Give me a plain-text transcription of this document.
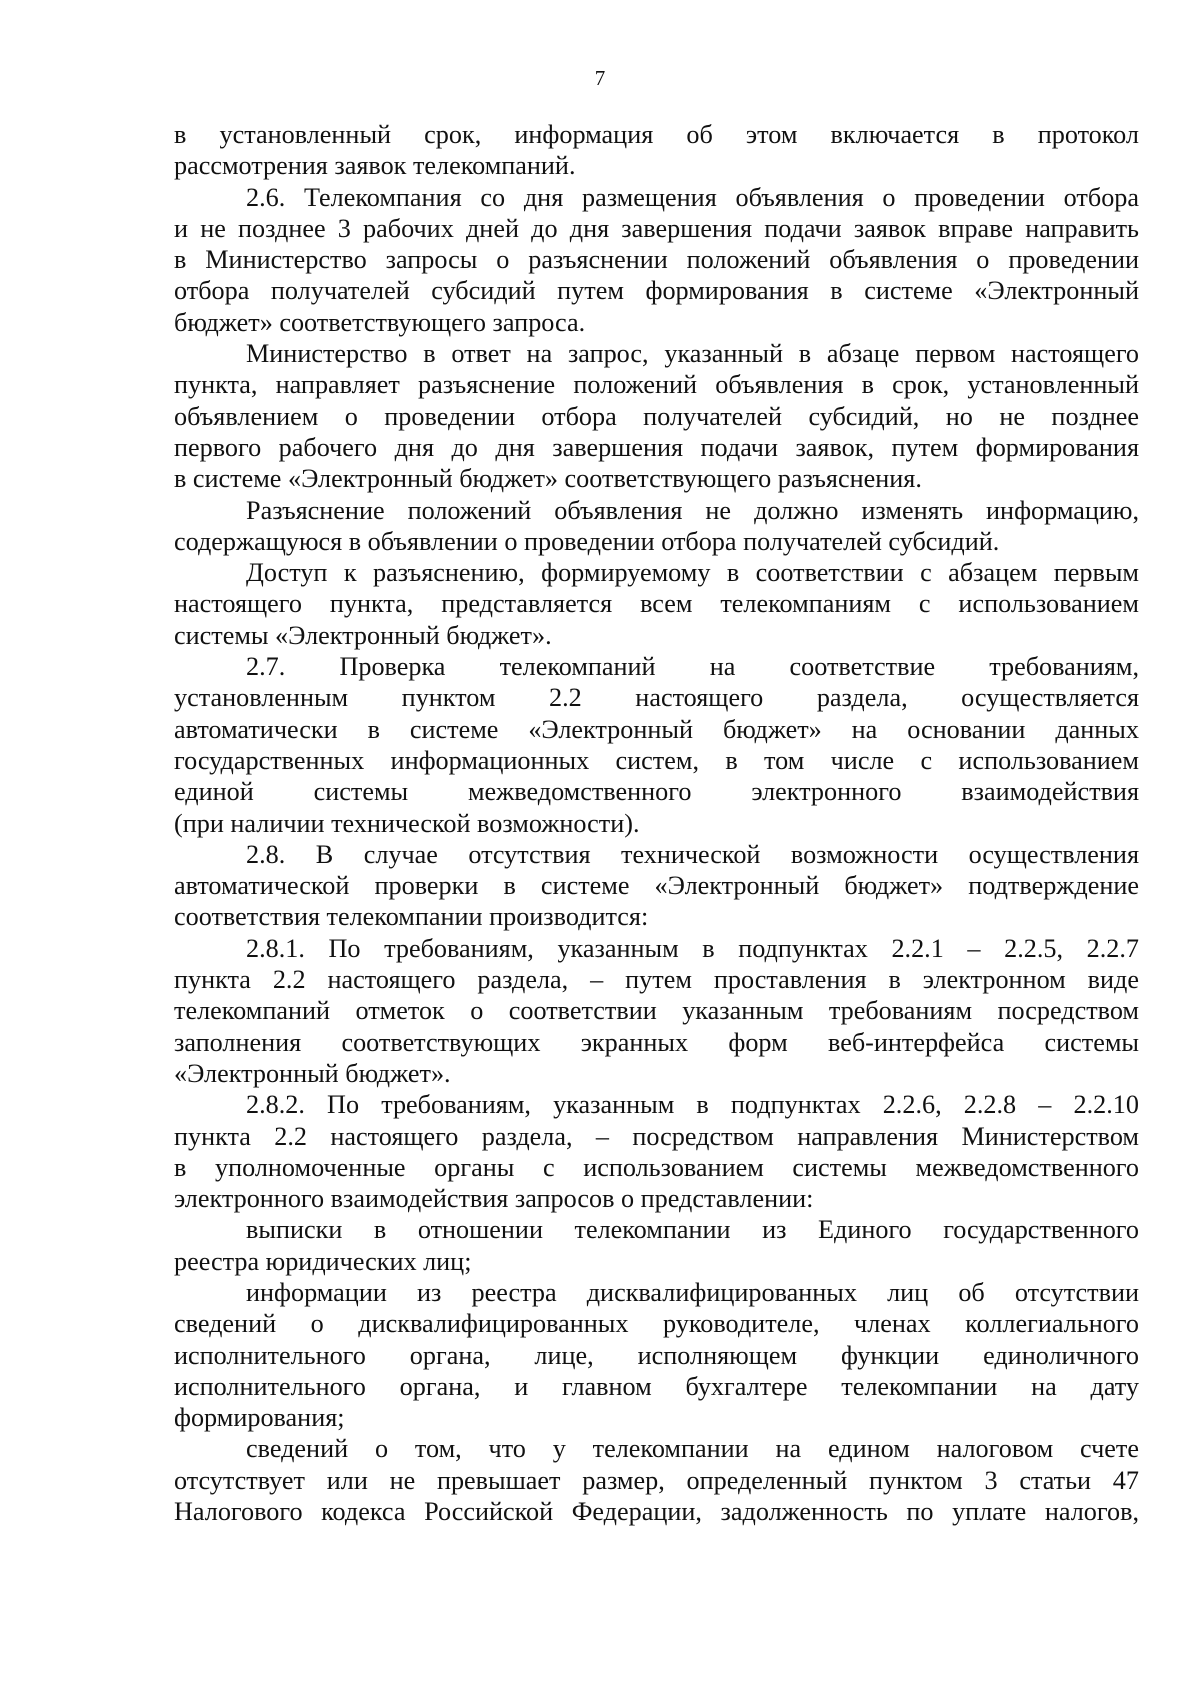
7

в установленный срок, информация об этом включается в протокол

рассмотрения заявок телекомпаний.

2.6. Телекомпания со дня размещения объявления о проведении отбора

и не позднее 3 рабочих дней до дня завершения подачи заявок вправе направить

в Министерство запросы о разъяснении положений объявления о проведении

отбора получателей субсидий путем формирования в системе «Электронный

бюджет» соответствующего запроса.

Министерство в ответ на запрос, указанный в абзаце первом настоящего

пункта, направляет разъяснение положений объявления в срок, установленный

объявлением о проведении отбора получателей субсидий, но не позднее

первого рабочего дня до дня завершения подачи заявок, путем формирования

в системе «Электронный бюджет» соответствующего разъяснения.

Разъяснение положений объявления не должно изменять информацию,

содержащуюся в объявлении о проведении отбора получателей субсидий.

Доступ к разъяснению, формируемому в соответствии с абзацем первым

настоящего пункта, представляется всем телекомпаниям с использованием

системы «Электронный бюджет».

2.7. Проверка телекомпаний на соответствие требованиям,

установленным пунктом 2.2 настоящего раздела, осуществляется

автоматически в системе «Электронный бюджет» на основании данных

государственных информационных систем, в том числе с использованием

единой системы межведомственного электронного взаимодействия

(при наличии технической возможности).

2.8. В случае отсутствия технической возможности осуществления

автоматической проверки в системе «Электронный бюджет» подтверждение

соответствия телекомпании производится:

2.8.1. По требованиям, указанным в подпунктах 2.2.1 – 2.2.5, 2.2.7

пункта 2.2 настоящего раздела, – путем проставления в электронном виде

телекомпаний отметок о соответствии указанным требованиям посредством

заполнения соответствующих экранных форм веб-интерфейса системы

«Электронный бюджет».

2.8.2. По требованиям, указанным в подпунктах 2.2.6, 2.2.8 – 2.2.10

пункта 2.2 настоящего раздела, – посредством направления Министерством

в уполномоченные органы с использованием системы межведомственного

электронного взаимодействия запросов о представлении:

выписки в отношении телекомпании из Единого государственного

реестра юридических лиц;

информации из реестра дисквалифицированных лиц об отсутствии

сведений о дисквалифицированных руководителе, членах коллегиального

исполнительного органа, лице, исполняющем функции единоличного

исполнительного органа, и главном бухгалтере телекомпании на дату

формирования;

сведений о том, что у телекомпании на едином налоговом счете

отсутствует или не превышает размер, определенный пунктом 3 статьи 47

Налогового кодекса Российской Федерации, задолженность по уплате налогов,
